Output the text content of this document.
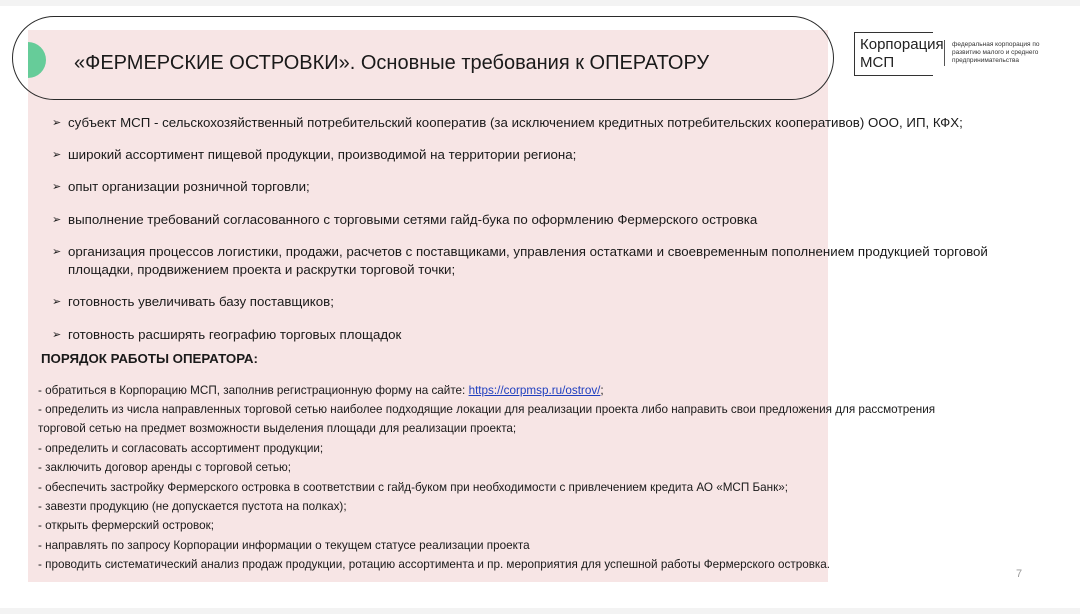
«ФЕРМЕРСКИЕ ОСТРОВКИ». Основные требования к ОПЕРАТОРУ
Корпорация
МСП
федеральная корпорация по развитию малого и среднего предпринимательства
➢ субъект МСП - сельскохозяйственный потребительский кооператив (за исключением кредитных потребительских кооперативов) ООО, ИП, КФХ;
➢ широкий ассортимент пищевой продукции, производимой на территории региона;
➢ опыт организации розничной торговли;
➢ выполнение требований согласованного с торговыми сетями гайд-бука по оформлению Фермерского островка
➢ организация процессов логистики, продажи, расчетов с поставщиками, управления остатками и своевременным пополнением продукцией торговой площадки, продвижением проекта и раскрутки торговой точки;
➢ готовность увеличивать базу поставщиков;
➢ готовность расширять географию торговых площадок
ПОРЯДОК РАБОТЫ ОПЕРАТОРА:
- обратиться в Корпорацию МСП, заполнив регистрационную форму на сайте: https://corpmsp.ru/ostrov/;
- определить из числа направленных торговой сетью наиболее подходящие локации для реализации проекта либо направить свои предложения для рассмотрения
торговой сетью на предмет возможности выделения площади для реализации проекта;
- определить и согласовать ассортимент продукции;
- заключить договор аренды с торговой сетью;
- обеспечить застройку Фермерского островка в соответствии с гайд-буком при необходимости с привлечением кредита АО «МСП Банк»;
- завезти продукцию (не допускается пустота на полках);
- открыть фермерский островок;
- направлять по запросу Корпорации информации о текущем статусе реализации проекта
- проводить систематический анализ продаж продукции, ротацию ассортимента и пр. мероприятия для успешной работы Фермерского островка.
7
